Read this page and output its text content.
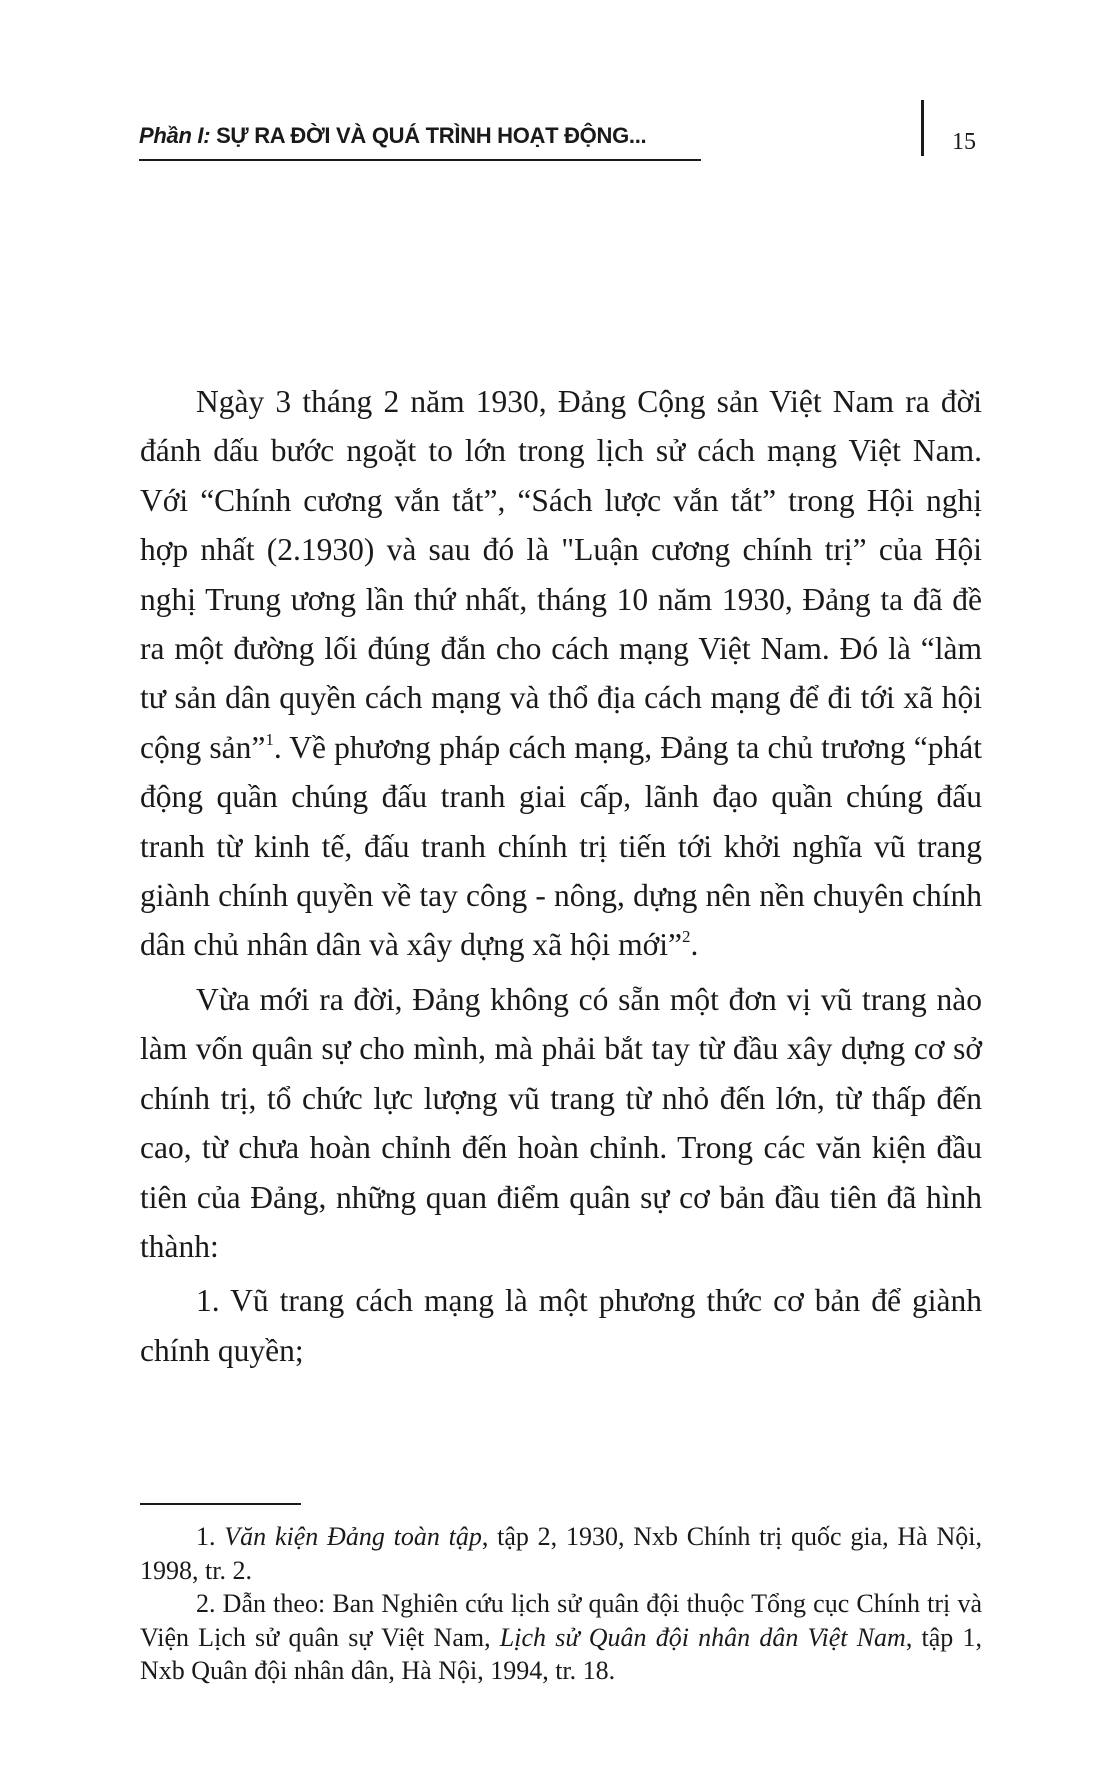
Phần I: SỰ RA ĐỜI VÀ QUÁ TRÌNH HOẠT ĐỘNG...	15

Ngày 3 tháng 2 năm 1930, Đảng Cộng sản Việt Nam ra đời đánh dấu bước ngoặt to lớn trong lịch sử cách mạng Việt Nam. Với “Chính cương vắn tắt”, “Sách lược vắn tắt” trong Hội nghị hợp nhất (2.1930) và sau đó là "Luận cương chính trị” của Hội nghị Trung ương lần thứ nhất, tháng 10 năm 1930, Đảng ta đã đề ra một đường lối đúng đắn cho cách mạng Việt Nam. Đó là “làm tư sản dân quyền cách mạng và thổ địa cách mạng để đi tới xã hội cộng sản”$^1$. Về phương pháp cách mạng, Đảng ta chủ trương “phát động quần chúng đấu tranh giai cấp, lãnh đạo quần chúng đấu tranh từ kinh tế, đấu tranh chính trị tiến tới khởi nghĩa vũ trang giành chính quyền về tay công - nông, dựng nên nền chuyên chính dân chủ nhân dân và xây dựng xã hội mới”$^2$.

Vừa mới ra đời, Đảng không có sẵn một đơn vị vũ trang nào làm vốn quân sự cho mình, mà phải bắt tay từ đầu xây dựng cơ sở chính trị, tổ chức lực lượng vũ trang từ nhỏ đến lớn, từ thấp đến cao, từ chưa hoàn chỉnh đến hoàn chỉnh. Trong các văn kiện đầu tiên của Đảng, những quan điểm quân sự cơ bản đầu tiên đã hình thành:

1. Vũ trang cách mạng là một phương thức cơ bản để giành chính quyền;

1. Văn kiện Đảng toàn tập, tập 2, 1930, Nxb Chính trị quốc gia, Hà Nội, 1998, tr. 2.

2. Dẫn theo: Ban Nghiên cứu lịch sử quân đội thuộc Tổng cục Chính trị và Viện Lịch sử quân sự Việt Nam, Lịch sử Quân đội nhân dân Việt Nam, tập 1, Nxb Quân đội nhân dân, Hà Nội, 1994, tr. 18.
